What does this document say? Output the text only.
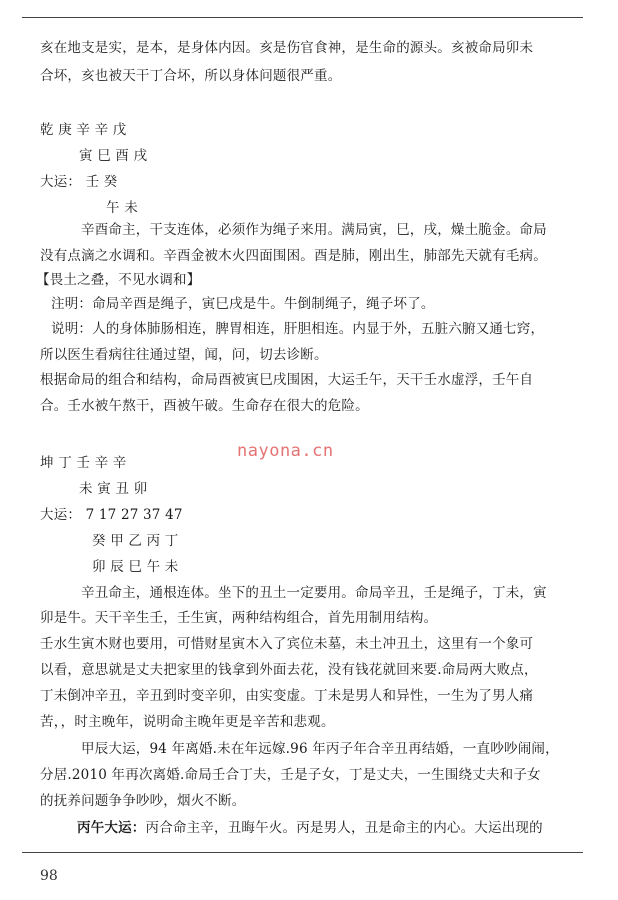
亥在地支是实，是本，是身体内因。亥是伤官食神，是生命的源头。亥被命局卯未
合坏，亥也被天干丁合坏，所以身体问题很严重。
乾 庚 辛 辛 戊
寅 巳 酉 戌
大运： 壬 癸
午 未
辛酉命主，干支连体，必须作为绳子来用。满局寅，巳，戌，燥土脆金。命局
没有点滴之水调和。辛酉金被木火四面围困。酉是肺，刚出生，肺部先天就有毛病。
【畏土之叠，不见水调和】
注明：命局辛酉是绳子，寅巳戌是牛。牛倒制绳子，绳子坏了。
说明：人的身体肺肠相连，脾胃相连，肝胆相连。内显于外，五脏六腑又通七窍，
所以医生看病往往通过望，闻，问，切去诊断。
根据命局的组合和结构，命局酉被寅巳戌围困，大运壬午，天干壬水虚浮，壬午自
合。壬水被午熬干，酉被午破。生命存在很大的危险。
nayona.cn
坤 丁 壬 辛 辛
未 寅 丑 卯
大运： 7 17 27 37 47
癸 甲 乙 丙 丁
卯 辰 巳 午 未
辛丑命主，通根连体。坐下的丑土一定要用。命局辛丑，壬是绳子，丁未，寅
卯是牛。天干辛生壬，壬生寅，两种结构组合，首先用制用结构。
壬水生寅木财也要用，可惜财星寅木入了宾位未墓，未土冲丑土，这里有一个象可
以看，意思就是丈夫把家里的钱拿到外面去花，没有钱花就回来要.命局两大败点，
丁未倒冲辛丑，辛丑到时变辛卯，由实变虚。丁未是男人和异性，一生为了男人痛
苦，，时主晚年，说明命主晚年更是辛苦和悲观。
甲辰大运，94 年离婚.未在年远嫁.96 年丙子年合辛丑再结婚，一直吵吵闹闹，
分居.2010 年再次离婚.命局壬合丁夫，壬是子女，丁是丈夫，一生围绕丈夫和子女
的抚养问题争争吵吵，烟火不断。
丙午大运：丙合命主辛，丑晦午火。丙是男人，丑是命主的内心。大运出现的
98
